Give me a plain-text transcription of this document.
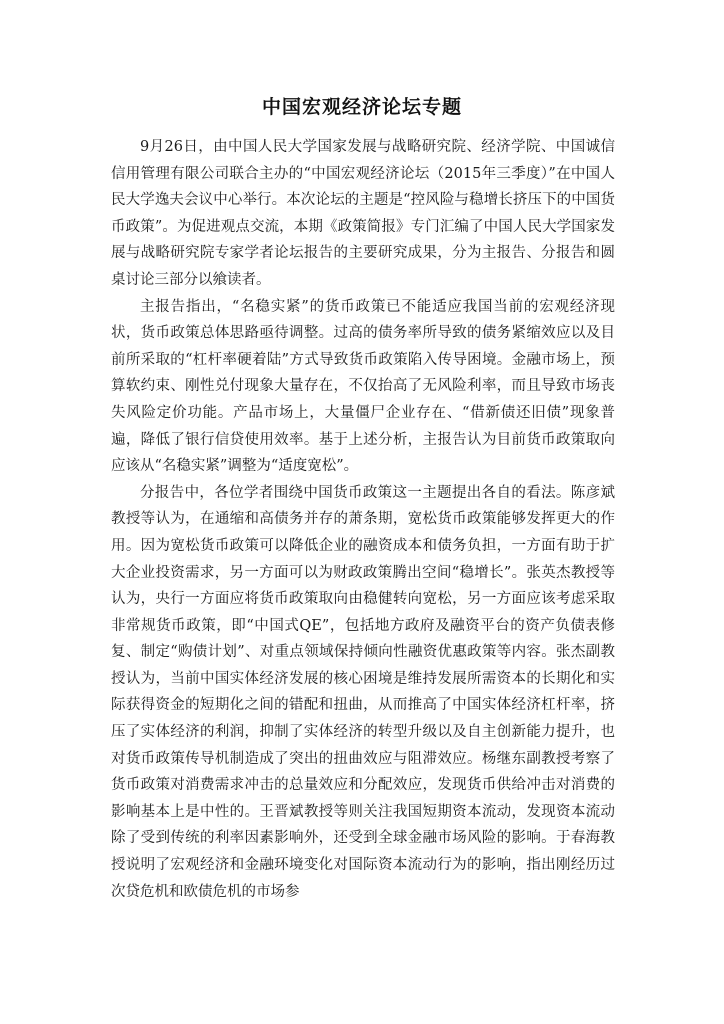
中国宏观经济论坛专题

9月26日，由中国人民大学国家发展与战略研究院、经济学院、中国诚信信用管理有限公司联合主办的“中国宏观经济论坛（2015年三季度）”在中国人民大学逸夫会议中心举行。本次论坛的主题是“控风险与稳增长挤压下的中国货币政策”。为促进观点交流，本期《政策简报》专门汇编了中国人民大学国家发展与战略研究院专家学者论坛报告的主要研究成果，分为主报告、分报告和圆桌讨论三部分以飨读者。

主报告指出，“名稳实紧”的货币政策已不能适应我国当前的宏观经济现状，货币政策总体思路亟待调整。过高的债务率所导致的债务紧缩效应以及目前所采取的“杠杆率硬着陆”方式导致货币政策陷入传导困境。金融市场上，预算软约束、刚性兑付现象大量存在，不仅抬高了无风险利率，而且导致市场丧失风险定价功能。产品市场上，大量僵尸企业存在、“借新债还旧债”现象普遍，降低了银行信贷使用效率。基于上述分析，主报告认为目前货币政策取向应该从“名稳实紧”调整为“适度宽松”。

分报告中，各位学者围绕中国货币政策这一主题提出各自的看法。陈彦斌教授等认为，在通缩和高债务并存的萧条期，宽松货币政策能够发挥更大的作用。因为宽松货币政策可以降低企业的融资成本和债务负担，一方面有助于扩大企业投资需求，另一方面可以为财政政策腾出空间“稳增长”。张英杰教授等认为，央行一方面应将货币政策取向由稳健转向宽松，另一方面应该考虑采取非常规货币政策，即“中国式QE”，包括地方政府及融资平台的资产负债表修复、制定“购债计划”、对重点领域保持倾向性融资优惠政策等内容。张杰副教授认为，当前中国实体经济发展的核心困境是维持发展所需资本的长期化和实际获得资金的短期化之间的错配和扭曲，从而推高了中国实体经济杠杆率，挤压了实体经济的利润，抑制了实体经济的转型升级以及自主创新能力提升，也对货币政策传导机制造成了突出的扭曲效应与阻滞效应。杨继东副教授考察了货币政策对消费需求冲击的总量效应和分配效应，发现货币供给冲击对消费的影响基本上是中性的。王晋斌教授等则关注我国短期资本流动，发现资本流动除了受到传统的利率因素影响外，还受到全球金融市场风险的影响。于春海教授说明了宏观经济和金融环境变化对国际资本流动行为的影响，指出刚经历过次贷危机和欧债危机的市场参
